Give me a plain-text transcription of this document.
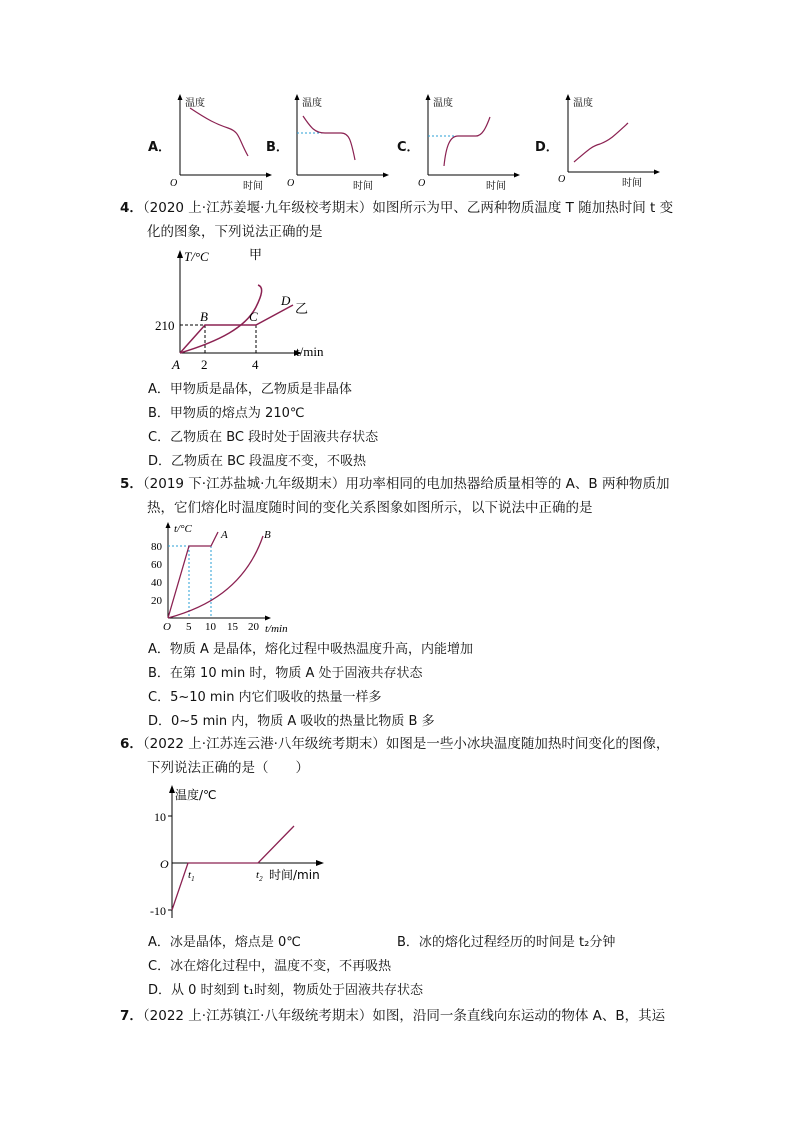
A．
温度
时间
O
B．
温度
时间
O
C．
温度
时间
O
D．
温度
时间
O
4．（2020 上·江苏姜堰·九年级校考期末）如图所示为甲、乙两种物质温度 T 随加热时间 t 变
化的图象，下列说法正确的是
T/°C
t/min
210
2	4
A
B	C
D
甲
乙
A．甲物质是晶体，乙物质是非晶体
B．甲物质的熔点为 210℃
C．乙物质在 BC 段时处于固液共存状态
D．乙物质在 BC 段温度不变，不吸热
5．（2019 下·江苏盐城·九年级期末）用功率相同的电加热器给质量相等的 A、B 两种物质加
热，它们熔化时温度随时间的变化关系图象如图所示，以下说法中正确的是
t/°C
t/min
O
80
60
40
20
5 10 15 20
A	B
A．物质 A 是晶体，熔化过程中吸热温度升高，内能增加
B．在第 10 min 时，物质 A 处于固液共存状态
C．5~10 min 内它们吸收的热量一样多
D．0~5 min 内，物质 A 吸收的热量比物质 B 多
6．（2022 上·江苏连云港·八年级统考期末）如图是一些小冰块温度随加热时间变化的图像，
下列说法正确的是（　　）
温度/℃
10
-10
O
$t_1$	$t_2$ 时间/min
A．冰是晶体，熔点是 0℃	B．冰的熔化过程经历的时间是 t₂分钟
C．冰在熔化过程中，温度不变，不再吸热
D．从 0 时刻到 t₁时刻，物质处于固液共存状态
7．（2022 上·江苏镇江·八年级统考期末）如图，沿同一条直线向东运动的物体 A、B，其运
